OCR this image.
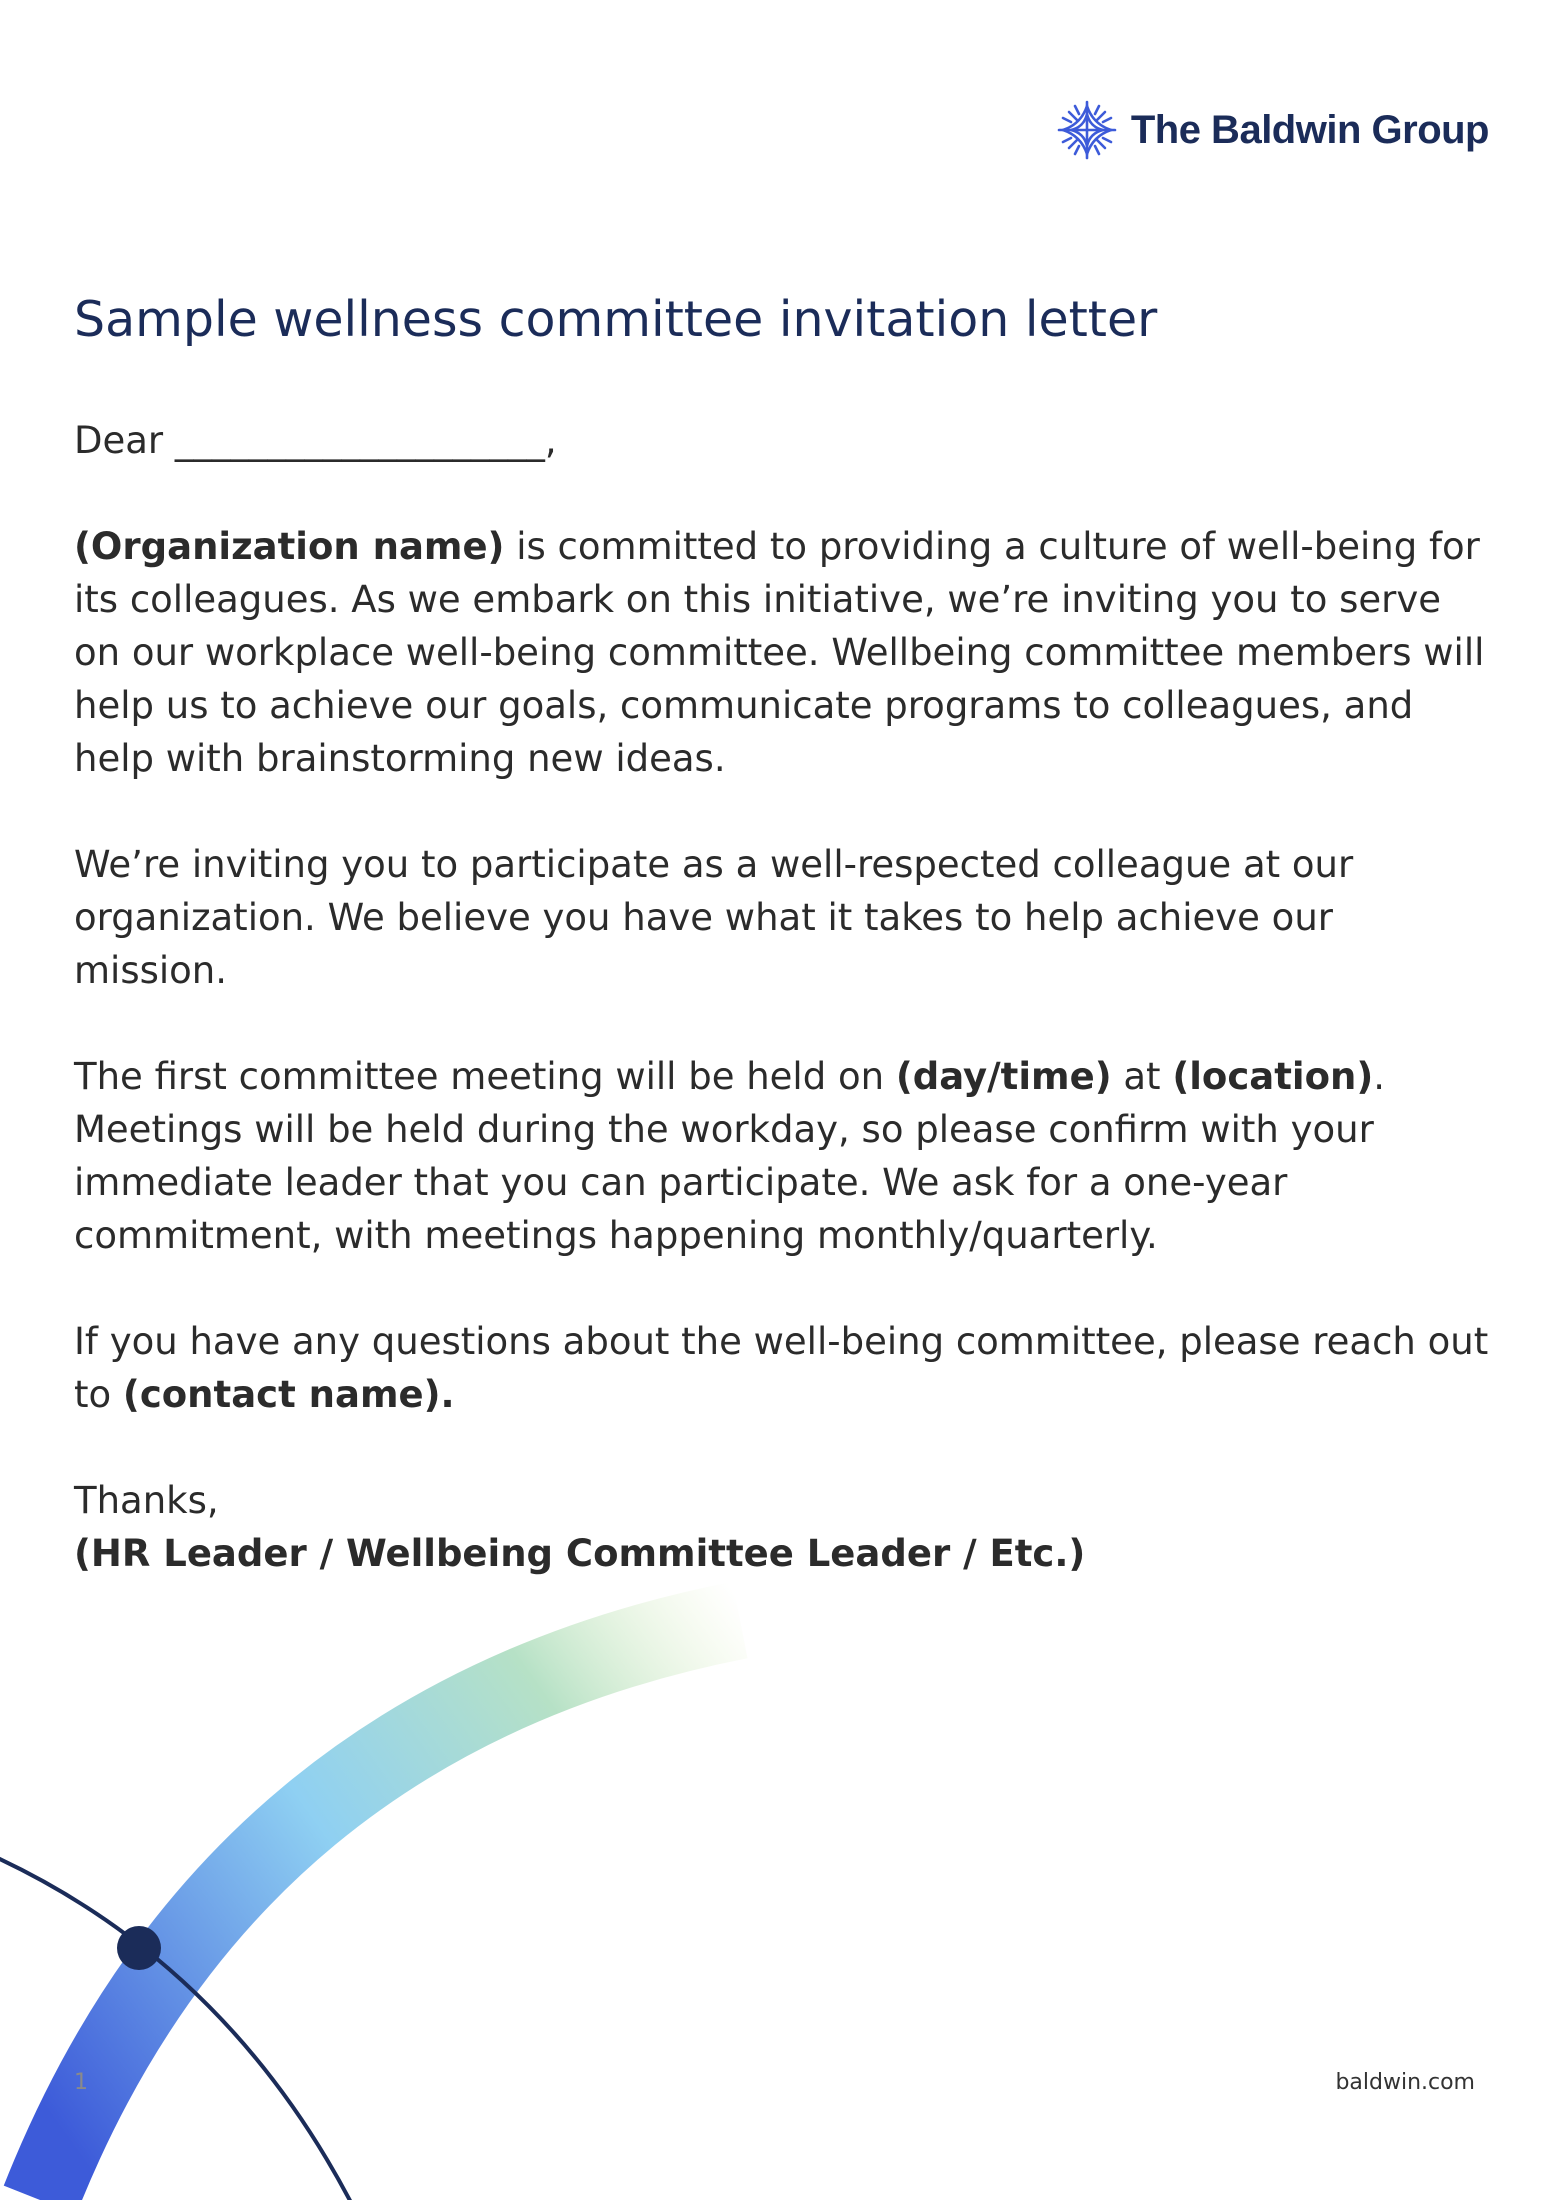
The Baldwin Group
Sample wellness committee invitation letter

Dear ____________________,

(Organization name) is committed to providing a culture of well-being for its colleagues. As we embark on this initiative, we’re inviting you to serve on our workplace well-being committee. Wellbeing committee members will help us to achieve our goals, communicate programs to colleagues, and help with brainstorming new ideas.

We’re inviting you to participate as a well-respected colleague at our organization. We believe you have what it takes to help achieve our mission.

The first committee meeting will be held on (day/time) at (location). Meetings will be held during the workday, so please confirm with your immediate leader that you can participate. We ask for a one-year commitment, with meetings happening monthly/quarterly.

If you have any questions about the well-being committee, please reach out to (contact name).

Thanks,
(HR Leader / Wellbeing Committee Leader / Etc.)

1	baldwin.com
